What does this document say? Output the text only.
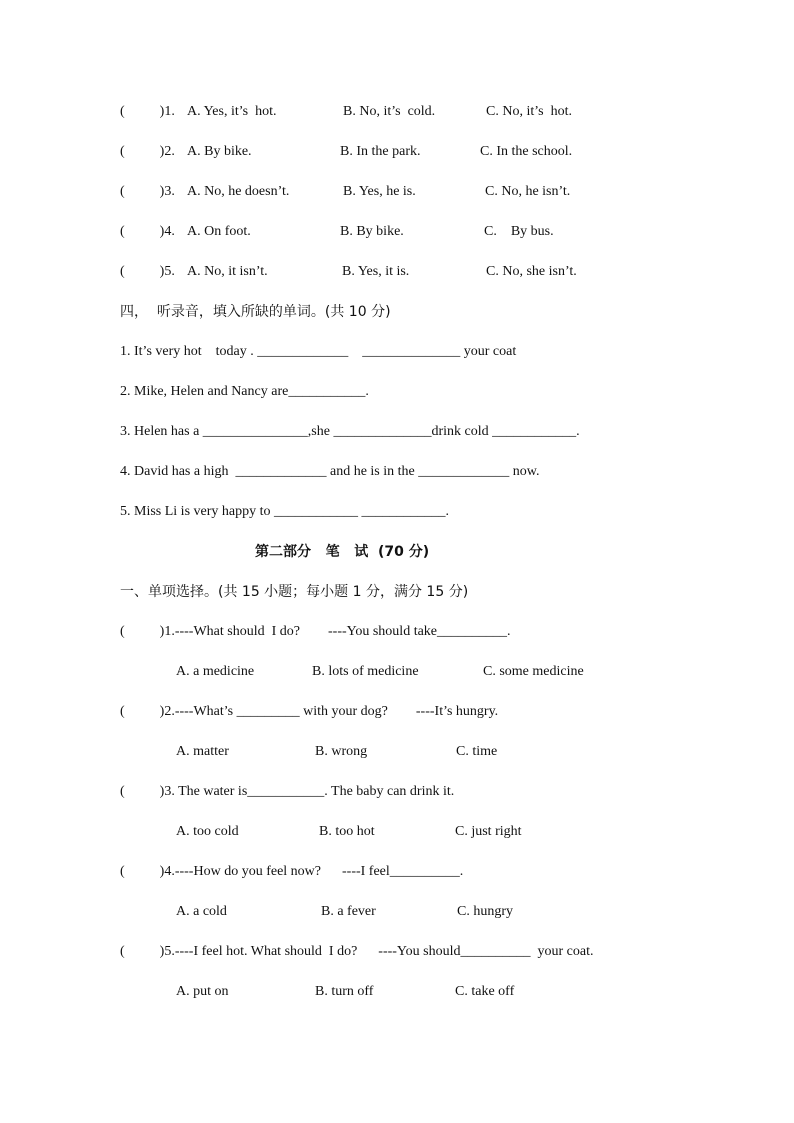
(          )1. A. Yes, it’s  hot.	B. No, it’s  cold.	C. No, it’s  hot.
(          )2. A. By bike.	B. In the park.	C. In the school.
(          )3. A. No, he doesn’t.	B. Yes, he is.	C. No, he isn’t.
(          )4. A. On foot.	B. By bike.	C.    By bus.
(          )5. A. No, it isn’t.	B. Yes, it is.	C. No, she isn’t.
四，  听录音，填入所缺的单词。(共 10 分)
1. It’s very hot    today . _____________    ______________ your coat
2. Mike, Helen and Nancy are___________.
3. Helen has a _______________,she ______________drink cold ____________.
4. David has a high  _____________ and he is in the _____________ now.
5. Miss Li is very happy to ____________ ____________.
第二部分   笔   试  (70 分)
一、单项选择。(共 15 小题；每小题 1 分，满分 15 分)
(          )1.----What should  I do?        ----You should take__________.
A. a medicine	B. lots of medicine	C. some medicine
(          )2.----What’s _________ with your dog?        ----It’s hungry.
A. matter	B. wrong	C. time
(          )3. The water is___________. The baby can drink it.
A. too cold	B. too hot	C. just right
(          )4.----How do you feel now?      ----I feel__________.
A. a cold	B. a fever	C. hungry
(          )5.----I feel hot. What should  I do?      ----You should__________  your coat.
A. put on	B. turn off	C. take off
